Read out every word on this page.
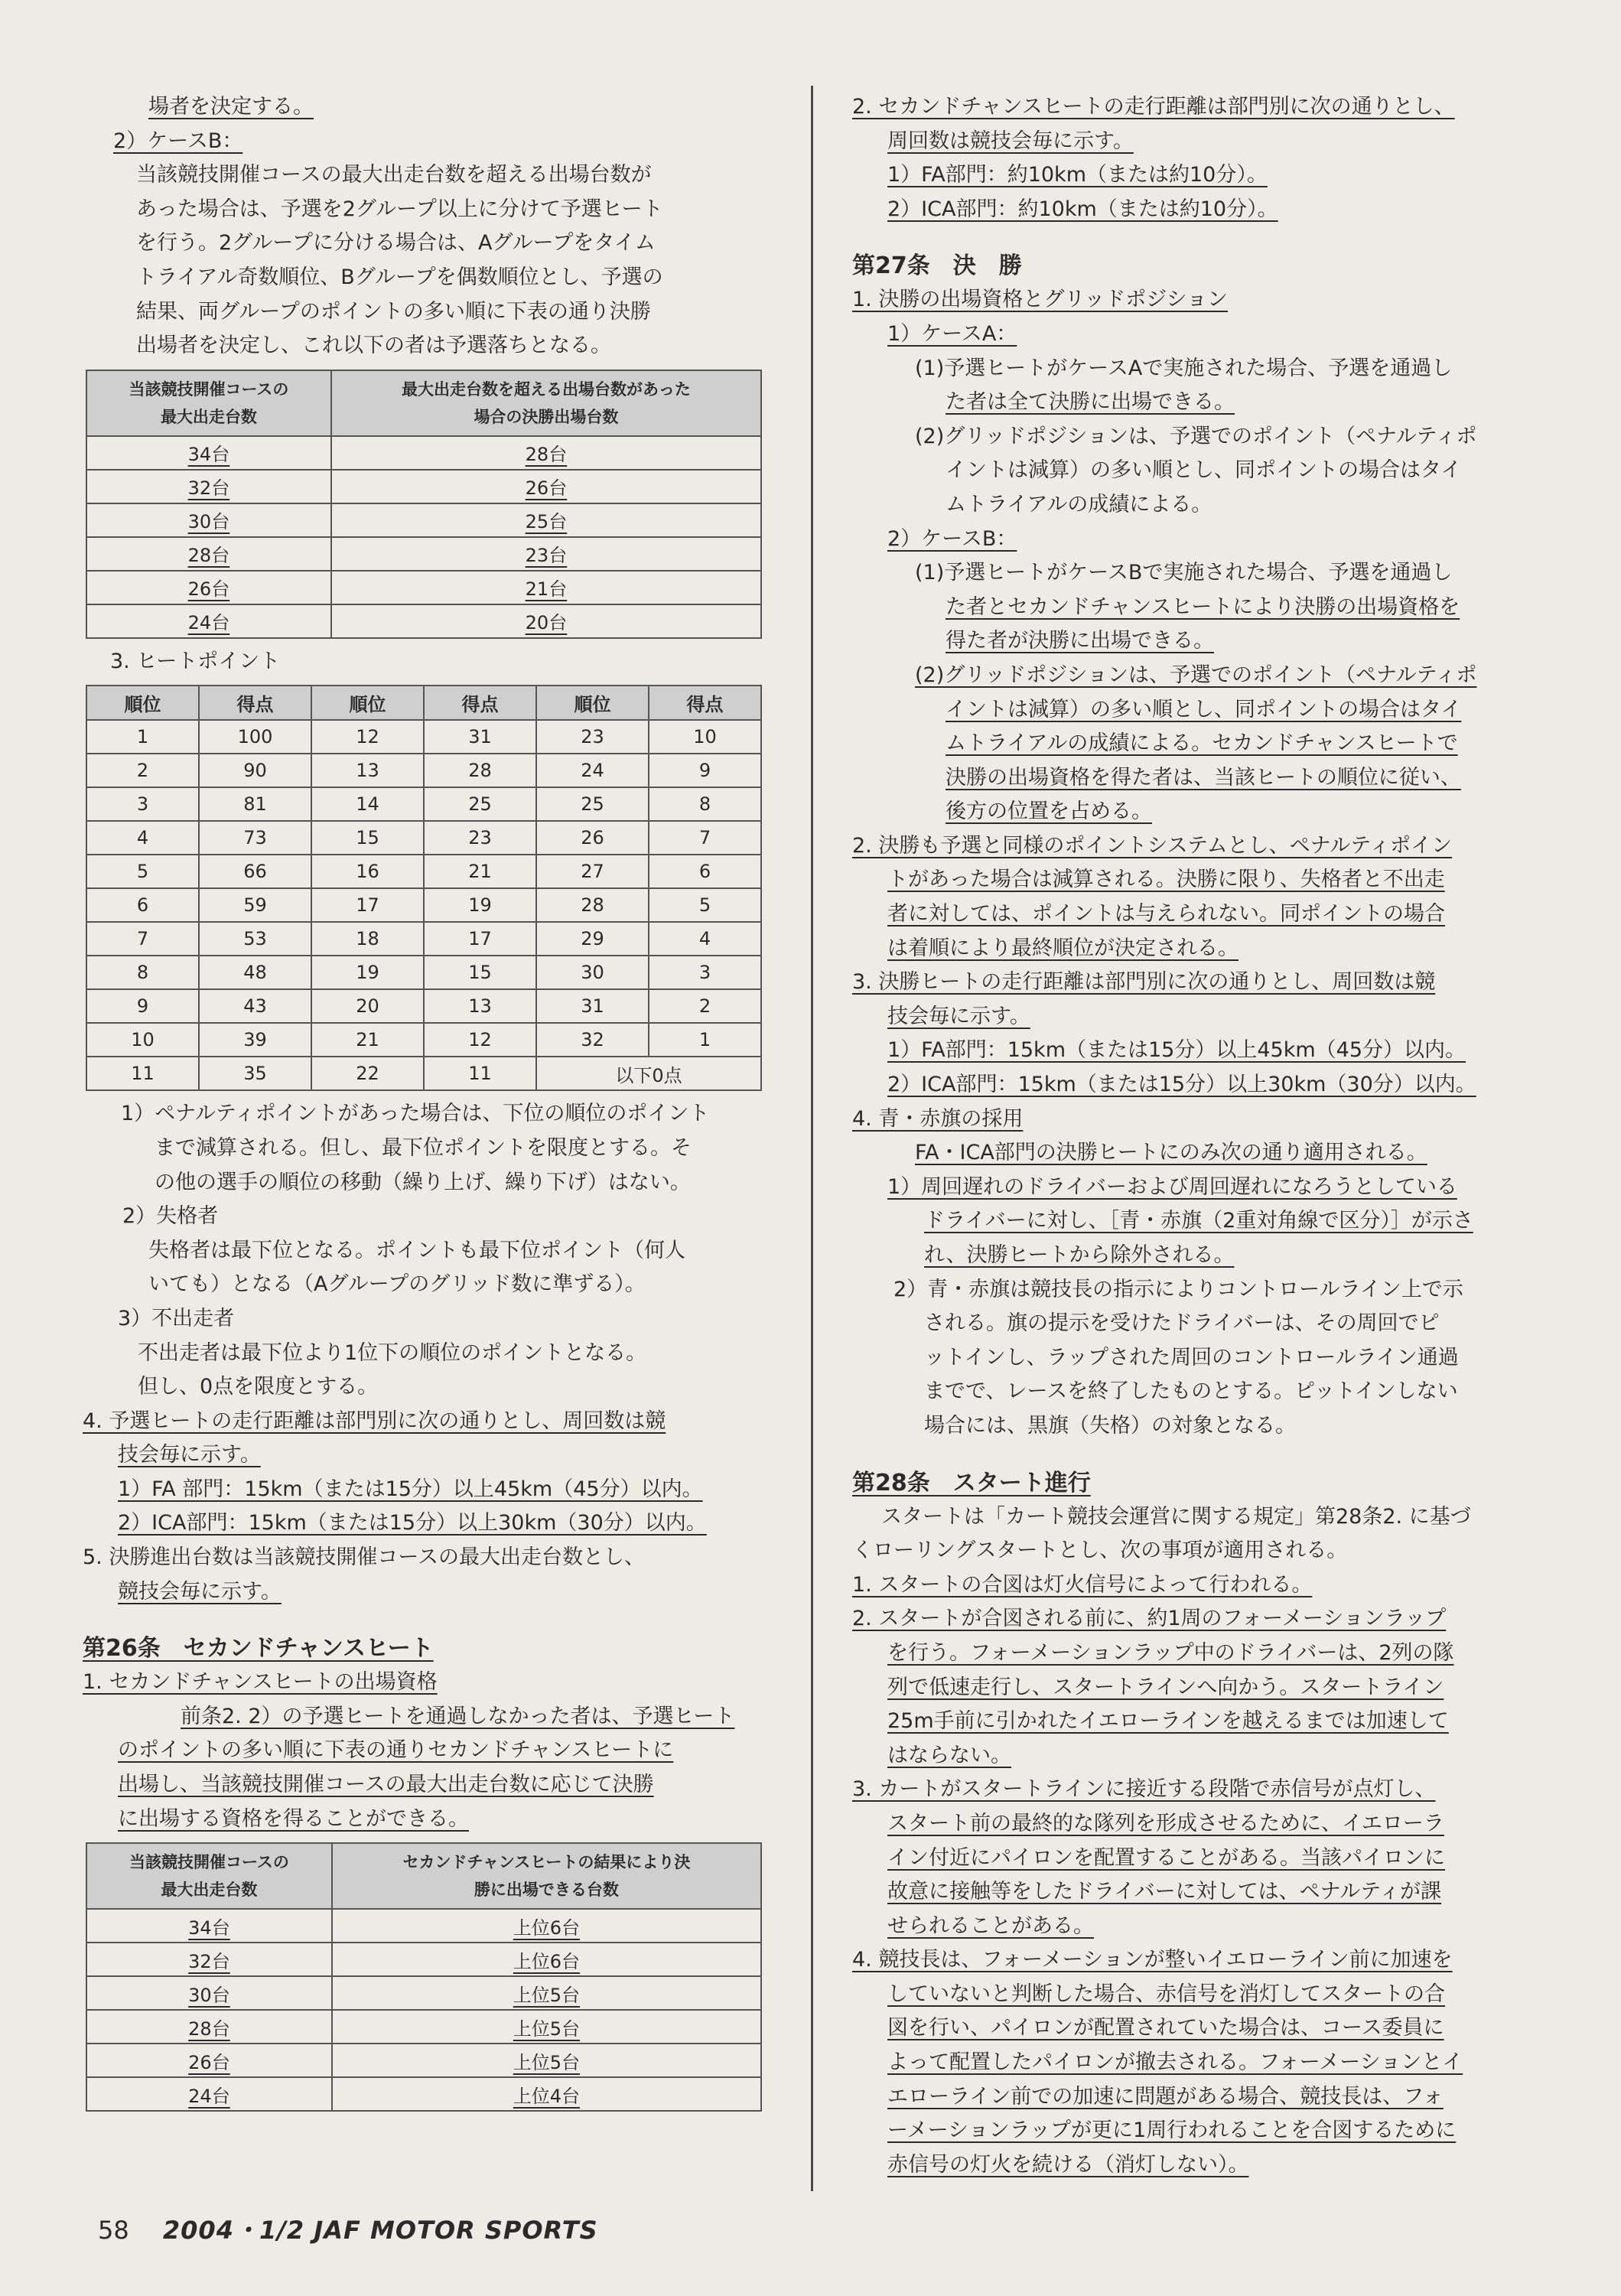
場者を決定する。
2）ケースB：
当該競技開催コースの最大出走台数を超える出場台数が
あった場合は、予選を2グループ以上に分けて予選ヒート
を行う。2グループに分ける場合は、Aグループをタイム
トライアル奇数順位、Bグループを偶数順位とし、予選の
結果、両グループのポイントの多い順に下表の通り決勝
出場者を決定し、これ以下の者は予選落ちとなる。
当該競技開催コースの
最大出走台数	最大出走台数を超える出場台数があった
場合の決勝出場台数
34台	28台
32台	26台
30台	25台
28台	23台
26台	21台
24台	20台
3. ヒートポイント
順位	得点	順位	得点	順位	得点
1	100	12	31	23	10
2	90	13	28	24	9
3	81	14	25	25	8
4	73	15	23	26	7
5	66	16	21	27	6
6	59	17	19	28	5
7	53	18	17	29	4
8	48	19	15	30	3
9	43	20	13	31	2
10	39	21	12	32	1
11	35	22	11	以下0点	
1）ペナルティポイントがあった場合は、下位の順位のポイント
まで減算される。但し、最下位ポイントを限度とする。そ
の他の選手の順位の移動（繰り上げ、繰り下げ）はない。
2）失格者
失格者は最下位となる。ポイントも最下位ポイント（何人
いても）となる（Aグループのグリッド数に準ずる）。
3）不出走者
不出走者は最下位より1位下の順位のポイントとなる。
但し、0点を限度とする。
4. 予選ヒートの走行距離は部門別に次の通りとし、周回数は競
技会毎に示す。
1）FA 部門：15km（または15分）以上45km（45分）以内。
2）ICA部門：15km（または15分）以上30km（30分）以内。
5. 決勝進出台数は当該競技開催コースの最大出走台数とし、
競技会毎に示す。
第26条　セカンドチャンスヒート
1. セカンドチャンスヒートの出場資格
前条2. 2）の予選ヒートを通過しなかった者は、予選ヒート
のポイントの多い順に下表の通りセカンドチャンスヒートに
出場し、当該競技開催コースの最大出走台数に応じて決勝
に出場する資格を得ることができる。
当該競技開催コースの
最大出走台数	セカンドチャンスヒートの結果により決
勝に出場できる台数
34台	上位6台
32台	上位6台
30台	上位5台
28台	上位5台
26台	上位5台
24台	上位4台
2. セカンドチャンスヒートの走行距離は部門別に次の通りとし、
周回数は競技会毎に示す。
1）FA部門：約10km（または約10分）。
2）ICA部門：約10km（または約10分）。
第27条　決　勝
1. 決勝の出場資格とグリッドポジション
1）ケースA：
(1)予選ヒートがケースAで実施された場合、予選を通過し
た者は全て決勝に出場できる。
(2)グリッドポジションは、予選でのポイント（ペナルティポ
イントは減算）の多い順とし、同ポイントの場合はタイ
ムトライアルの成績による。
2）ケースB：
(1)予選ヒートがケースBで実施された場合、予選を通過し
た者とセカンドチャンスヒートにより決勝の出場資格を
得た者が決勝に出場できる。
(2)グリッドポジションは、予選でのポイント（ペナルティポ
イントは減算）の多い順とし、同ポイントの場合はタイ
ムトライアルの成績による。セカンドチャンスヒートで
決勝の出場資格を得た者は、当該ヒートの順位に従い、
後方の位置を占める。
2. 決勝も予選と同様のポイントシステムとし、ペナルティポイン
トがあった場合は減算される。決勝に限り、失格者と不出走
者に対しては、ポイントは与えられない。同ポイントの場合
は着順により最終順位が決定される。
3. 決勝ヒートの走行距離は部門別に次の通りとし、周回数は競
技会毎に示す。
1）FA部門：15km（または15分）以上45km（45分）以内。
2）ICA部門：15km（または15分）以上30km（30分）以内。
4. 青・赤旗の採用
FA・ICA部門の決勝ヒートにのみ次の通り適用される。
1）周回遅れのドライバーおよび周回遅れになろうとしている
ドライバーに対し、［青・赤旗（2重対角線で区分）］が示さ
れ、決勝ヒートから除外される。
2）青・赤旗は競技長の指示によりコントロールライン上で示
される。旗の提示を受けたドライバーは、その周回でピ
ットインし、ラップされた周回のコントロールライン通過
までで、レースを終了したものとする。ピットインしない
場合には、黒旗（失格）の対象となる。
第28条　スタート進行
スタートは「カート競技会運営に関する規定」第28条2. に基づ
くローリングスタートとし、次の事項が適用される。
1. スタートの合図は灯火信号によって行われる。
2. スタートが合図される前に、約1周のフォーメーションラップ
を行う。フォーメーションラップ中のドライバーは、2列の隊
列で低速走行し、スタートラインへ向かう。スタートライン
25m手前に引かれたイエローラインを越えるまでは加速して
はならない。
3. カートがスタートラインに接近する段階で赤信号が点灯し、
スタート前の最終的な隊列を形成させるために、イエローラ
イン付近にパイロンを配置することがある。当該パイロンに
故意に接触等をしたドライバーに対しては、ペナルティが課
せられることがある。
4. 競技長は、フォーメーションが整いイエローライン前に加速を
していないと判断した場合、赤信号を消灯してスタートの合
図を行い、パイロンが配置されていた場合は、コース委員に
よって配置したパイロンが撤去される。フォーメーションとイ
エローライン前での加速に問題がある場合、競技長は、フォ
ーメーションラップが更に1周行われることを合図するために
赤信号の灯火を続ける（消灯しない）。
58 2004・1/2 JAF MOTOR SPORTS
